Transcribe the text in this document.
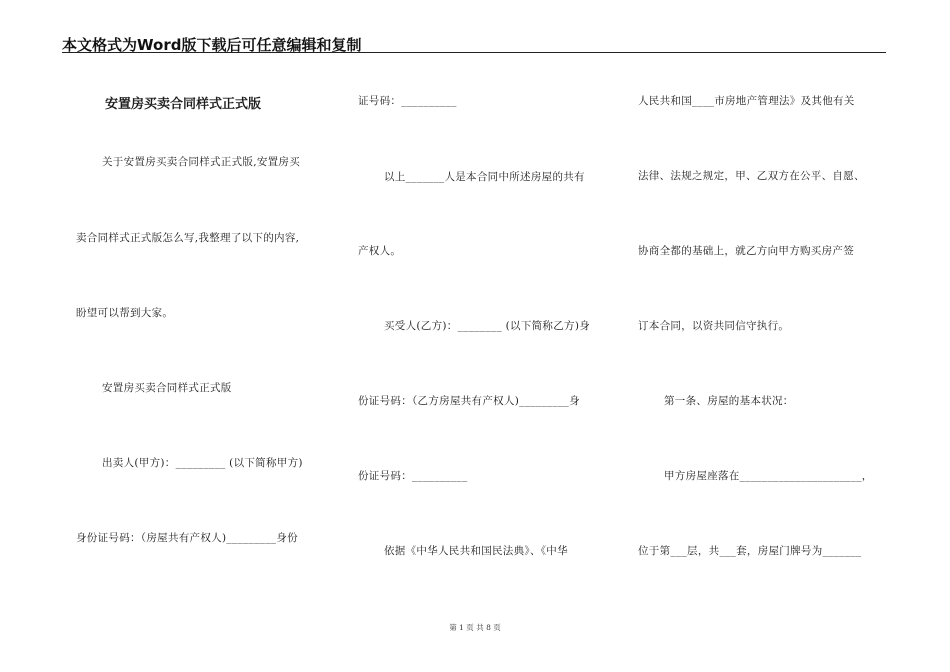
本文格式为Word版下载后可任意编辑和复制
安置房买卖合同样式正式版
关于安置房买卖合同样式正式版,安置房买
卖合同样式正式版怎么写,我整理了以下的内容,
盼望可以帮到大家。
安置房买卖合同样式正式版
出卖人(甲方)：_________ (以下简称甲方)
身份证号码：（房屋共有产权人)_________身份
证号码：__________
以上_______人是本合同中所述房屋的共有
产权人。
买受人(乙方)：________ (以下简称乙方)身
份证号码：（乙方房屋共有产权人)_________身
份证号码：__________
依据《中华人民共和国民法典》、《中华
人民共和国____市房地产管理法》及其他有关
法律、法规之规定，甲、乙双方在公平、自愿、
协商全都的基础上，就乙方向甲方购买房产签
订本合同，以资共同信守执行。
第一条、房屋的基本状况：
甲方房屋座落在______________________，
位于第___层，共___套，房屋门牌号为_______
第 1 页 共 8 页
